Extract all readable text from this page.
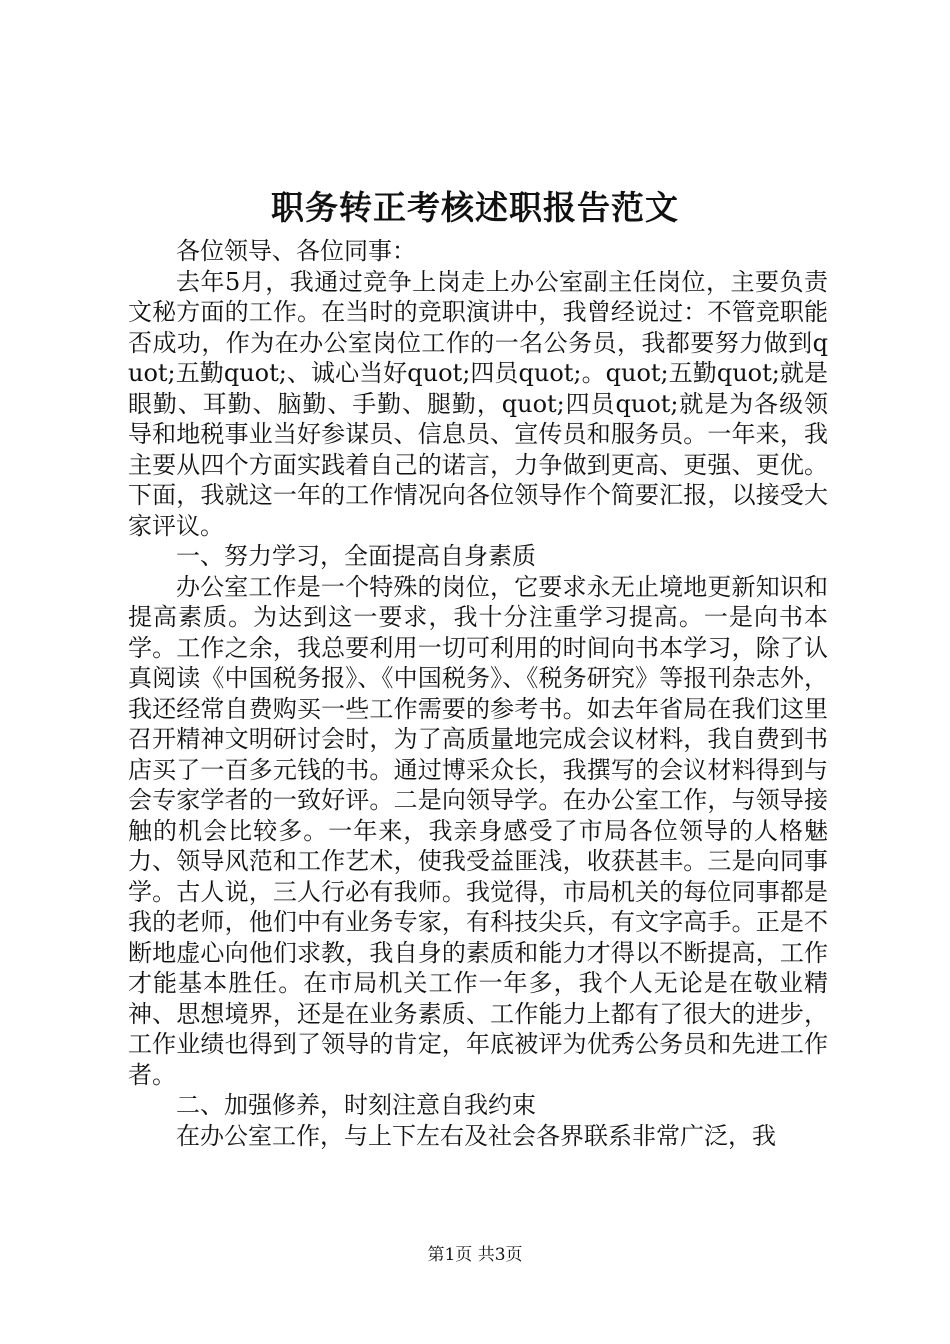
职务转正考核述职报告范文

各位领导、各位同事：

去年5月，我通过竞争上岗走上办公室副主任岗位，主要负责文秘方面的工作。在当时的竞职演讲中，我曾经说过：不管竞职能否成功，作为在办公室岗位工作的一名公务员，我都要努力做到quot;五勤quot;、诚心当好quot;四员quot;。quot;五勤quot;就是眼勤、耳勤、脑勤、手勤、腿勤，quot;四员quot;就是为各级领导和地税事业当好参谋员、信息员、宣传员和服务员。一年来，我主要从四个方面实践着自己的诺言，力争做到更高、更强、更优。下面，我就这一年的工作情况向各位领导作个简要汇报，以接受大家评议。

一、努力学习，全面提高自身素质

办公室工作是一个特殊的岗位，它要求永无止境地更新知识和提高素质。为达到这一要求，我十分注重学习提高。一是向书本学。工作之余，我总要利用一切可利用的时间向书本学习，除了认真阅读《中国税务报》、《中国税务》、《税务研究》等报刊杂志外，我还经常自费购买一些工作需要的参考书。如去年省局在我们这里召开精神文明研讨会时，为了高质量地完成会议材料，我自费到书店买了一百多元钱的书。通过博采众长，我撰写的会议材料得到与会专家学者的一致好评。二是向领导学。在办公室工作，与领导接触的机会比较多。一年来，我亲身感受了市局各位领导的人格魅力、领导风范和工作艺术，使我受益匪浅，收获甚丰。三是向同事学。古人说，三人行必有我师。我觉得，市局机关的每位同事都是我的老师，他们中有业务专家，有科技尖兵，有文字高手。正是不断地虚心向他们求教，我自身的素质和能力才得以不断提高，工作才能基本胜任。在市局机关工作一年多，我个人无论是在敬业精神、思想境界，还是在业务素质、工作能力上都有了很大的进步，工作业绩也得到了领导的肯定，年底被评为优秀公务员和先进工作者。

二、加强修养，时刻注意自我约束

在办公室工作，与上下左右及社会各界联系非常广泛，我

第1页 共3页
